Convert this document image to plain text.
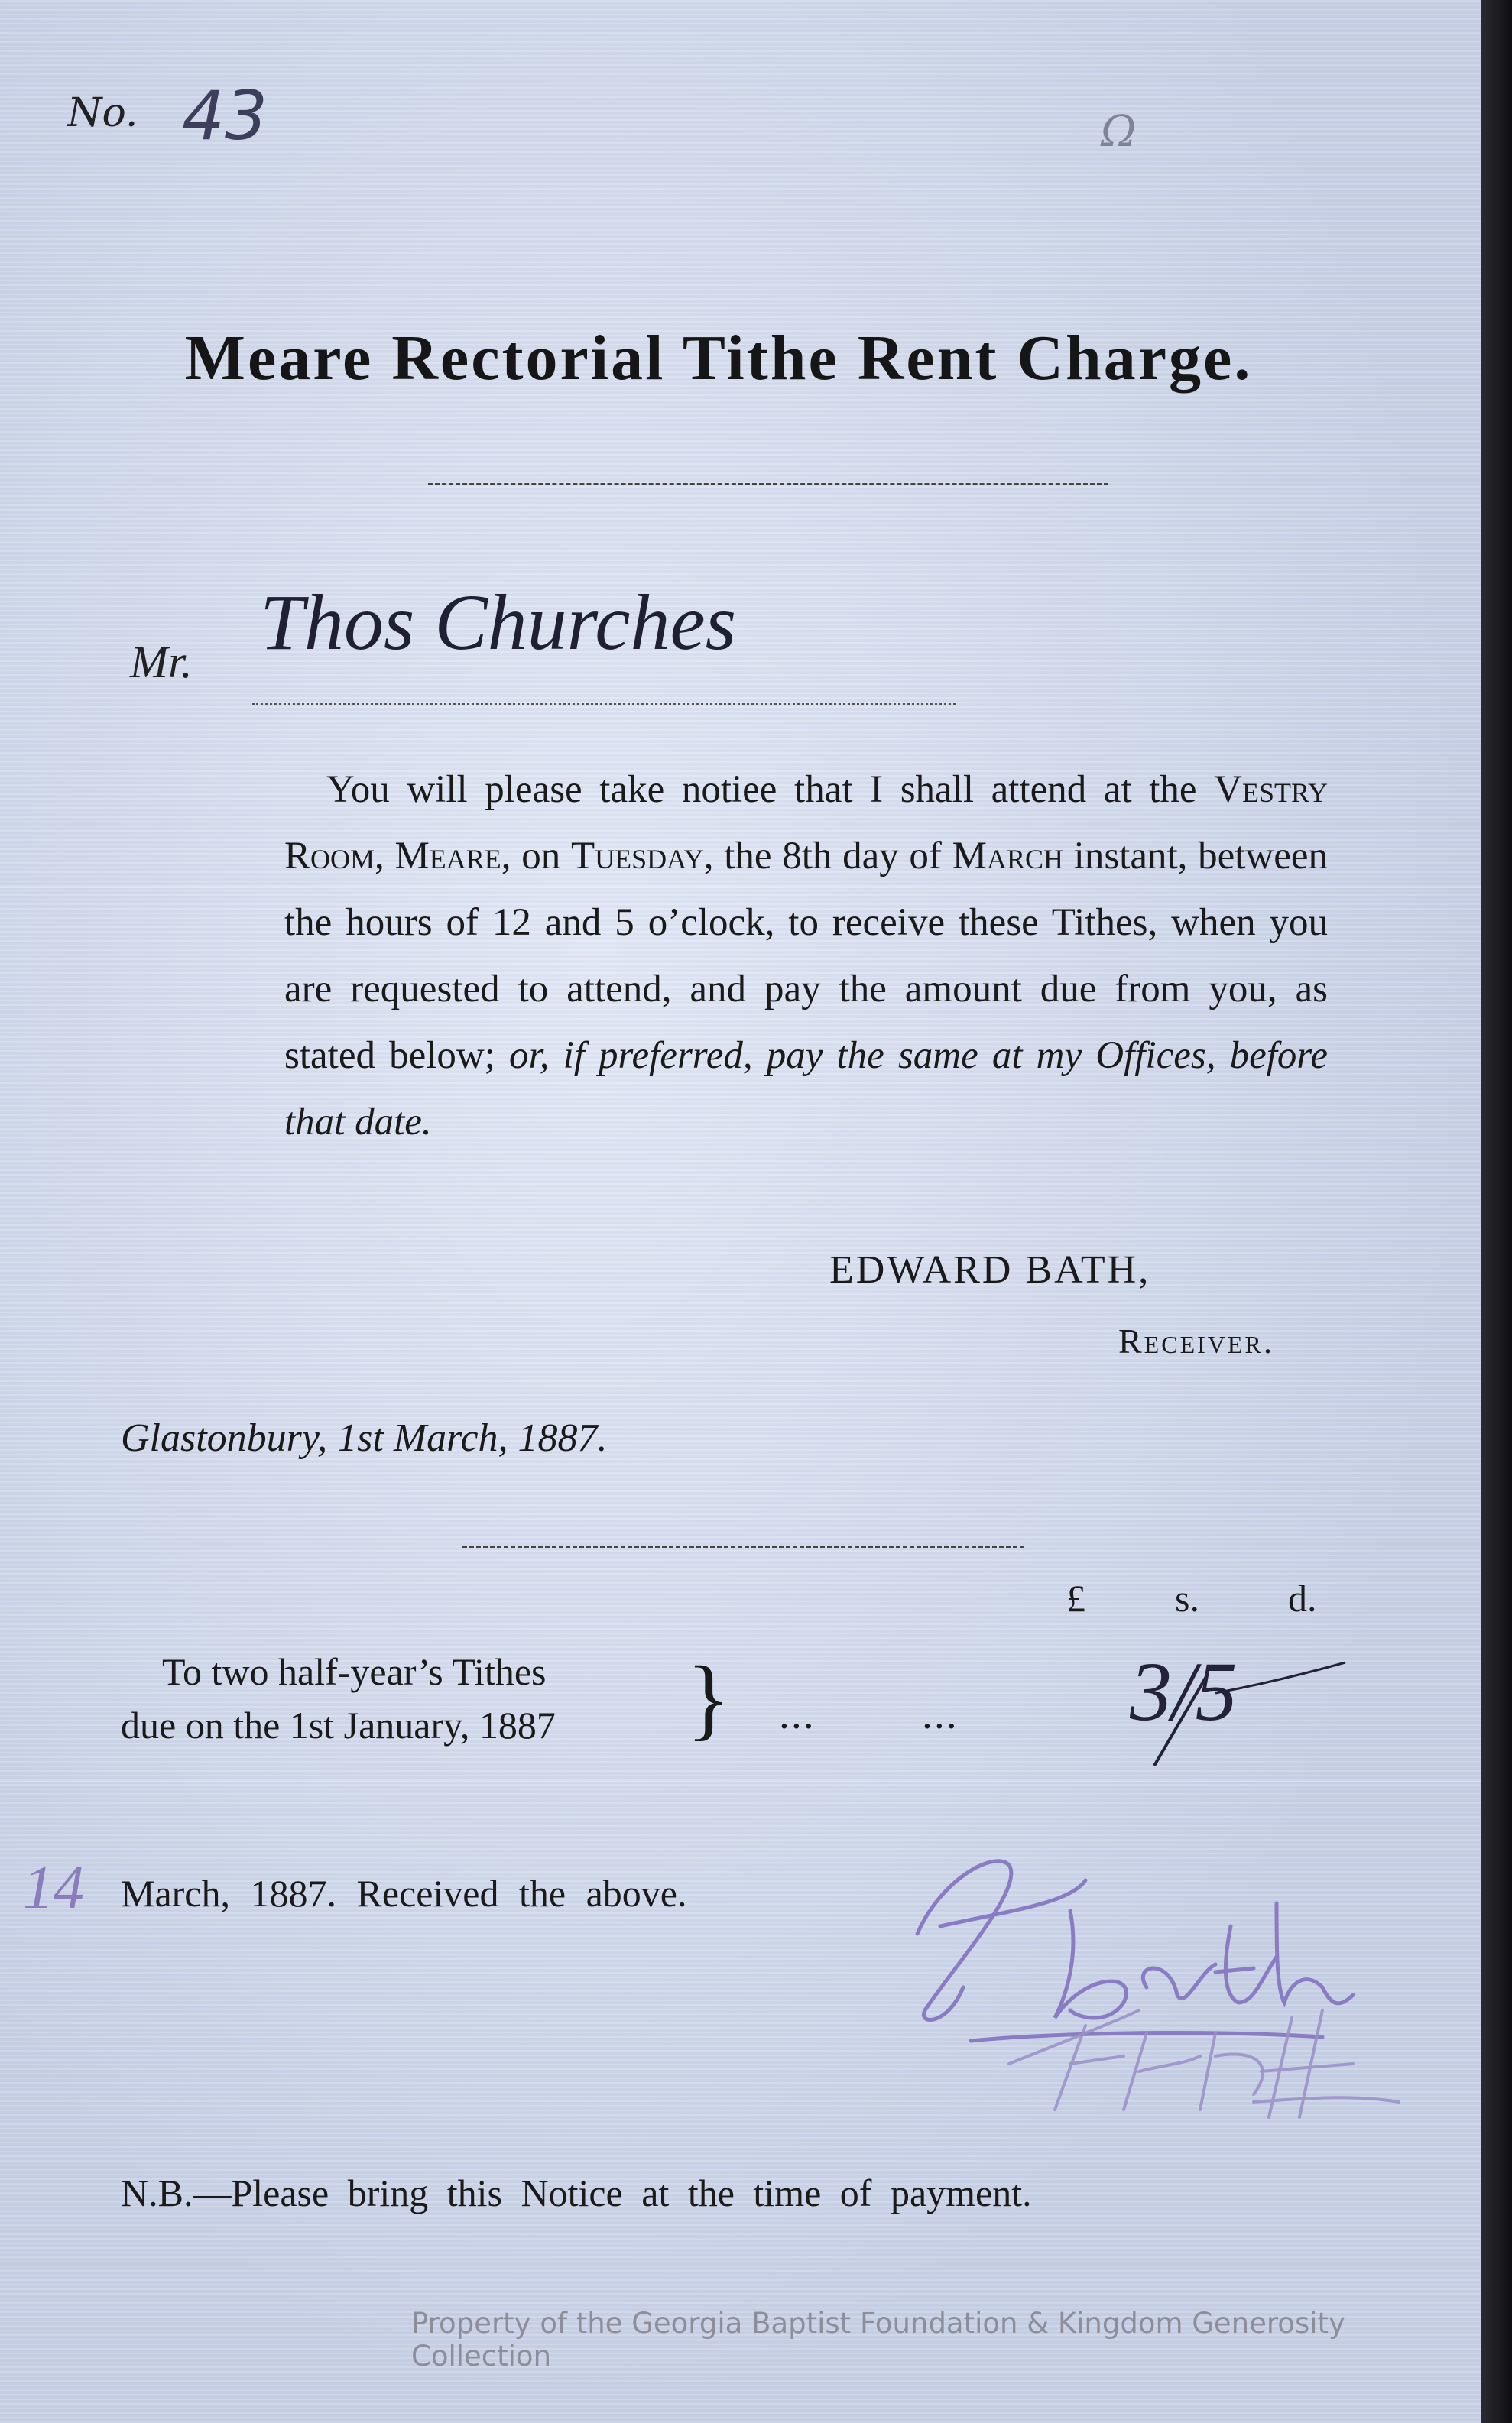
No. 43	Ω
Meare Rectorial Tithe Rent Charge.
Mr. Thos Churches
You will please take notiee that I shall attend at the Vestry Room, Meare, on Tuesday, the 8th day of March instant, between the hours of 12 and 5 o’clock, to receive these Tithes, when you are requested to attend, and pay the amount due from you, as stated below; or, if preferred, pay the same at my Offices, before that date.
EDWARD BATH,
Receiver.
Glastonbury, 1st March, 1887.
£ s. d.
To two half-year’s Tithes
due on the 1st January, 1887 } ...	... 3/5
14 March, 1887. Received the above.
N.B.—Please bring this Notice at the time of payment.
Property of the Georgia Baptist Foundation & Kingdom Generosity Collection
